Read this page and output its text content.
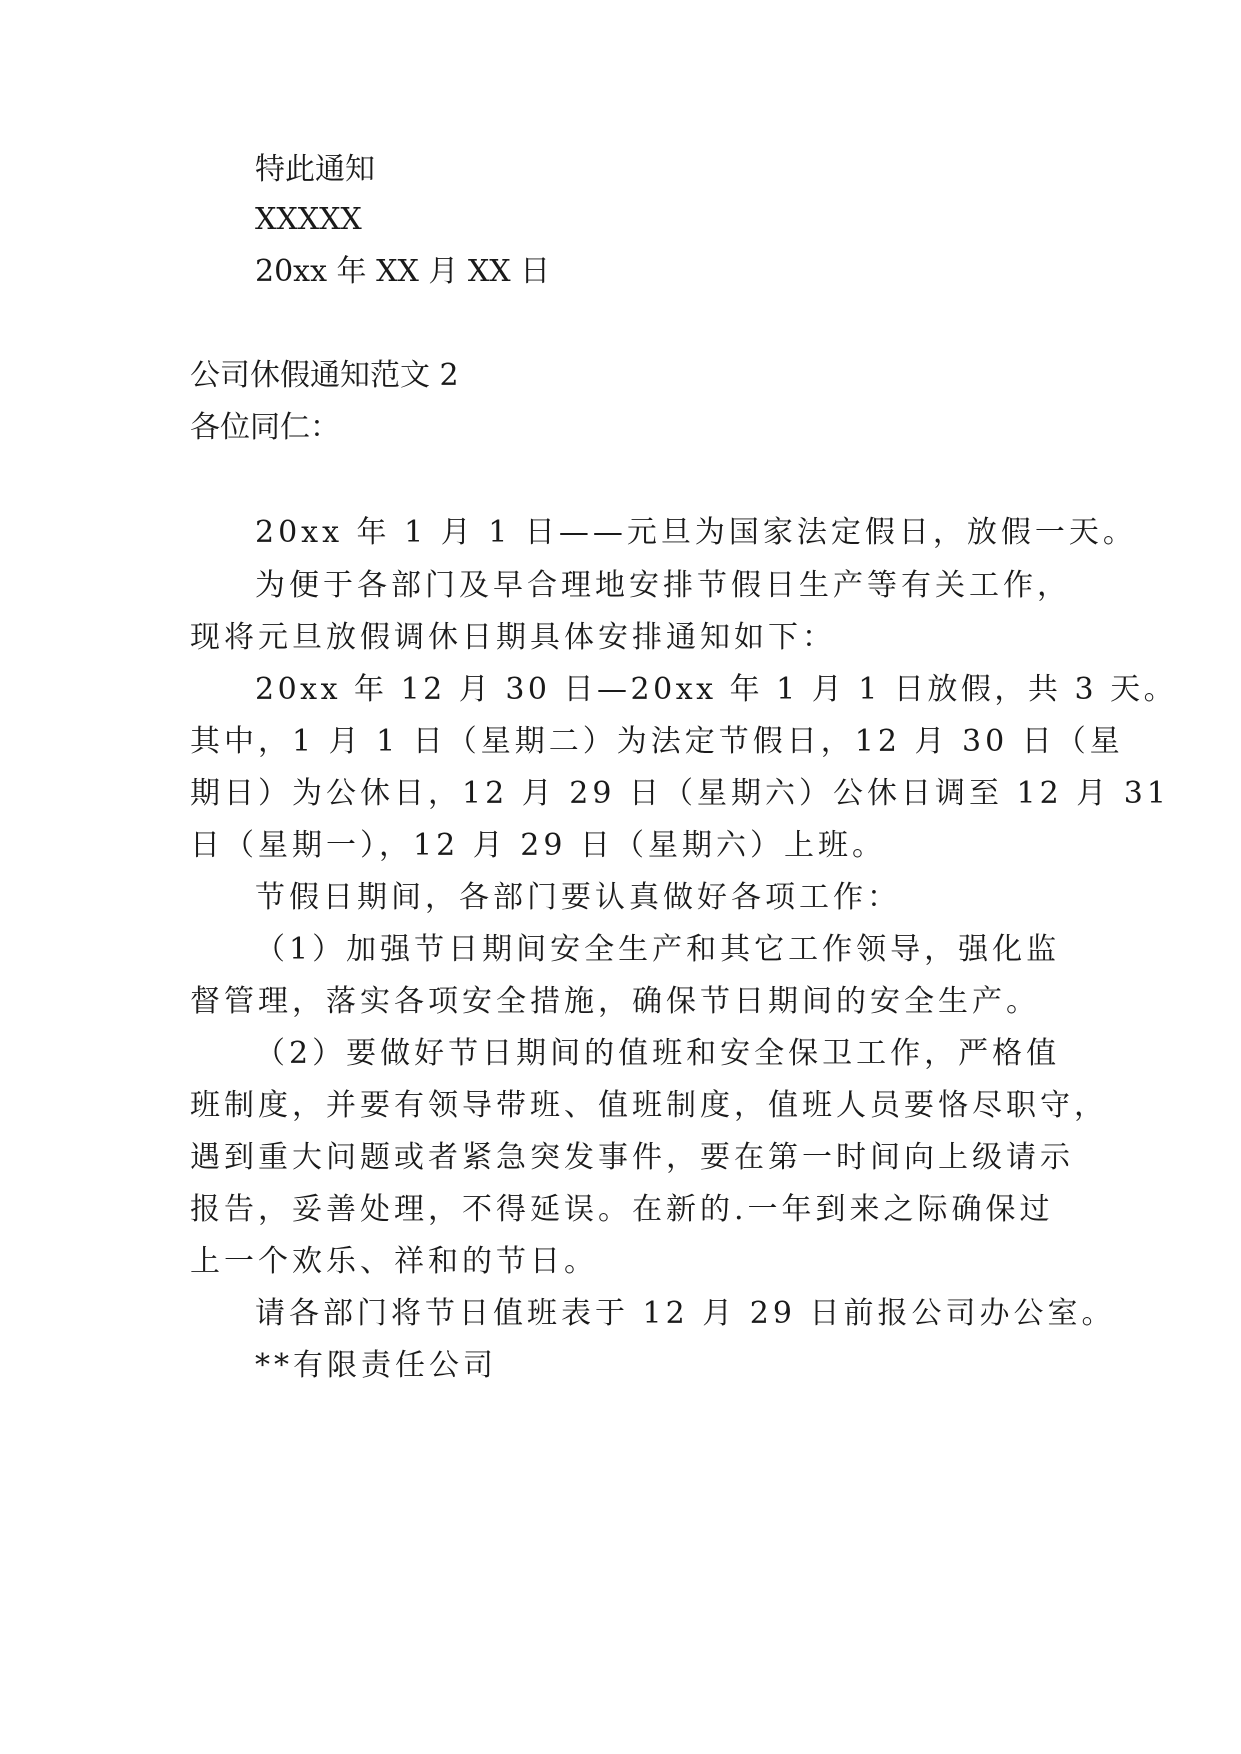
特此通知
XXXXX
20xx 年 XX 月 XX 日
公司休假通知范文 2
各位同仁：
20xx 年 1 月 1 日——元旦为国家法定假日，放假一天。
为便于各部门及早合理地安排节假日生产等有关工作，
现将元旦放假调休日期具体安排通知如下：
20xx 年 12 月 30 日—20xx 年 1 月 1 日放假，共 3 天。
其中，1 月 1 日（星期二）为法定节假日，12 月 30 日（星
期日）为公休日，12 月 29 日（星期六）公休日调至 12 月 31
日（星期一），12 月 29 日（星期六）上班。
节假日期间，各部门要认真做好各项工作：
（1）加强节日期间安全生产和其它工作领导，强化监
督管理，落实各项安全措施，确保节日期间的安全生产。
（2）要做好节日期间的值班和安全保卫工作，严格值
班制度，并要有领导带班、值班制度，值班人员要恪尽职守，
遇到重大问题或者紧急突发事件，要在第一时间向上级请示
报告，妥善处理，不得延误。在新的.一年到来之际确保过
上一个欢乐、祥和的节日。
请各部门将节日值班表于 12 月 29 日前报公司办公室。
**有限责任公司
